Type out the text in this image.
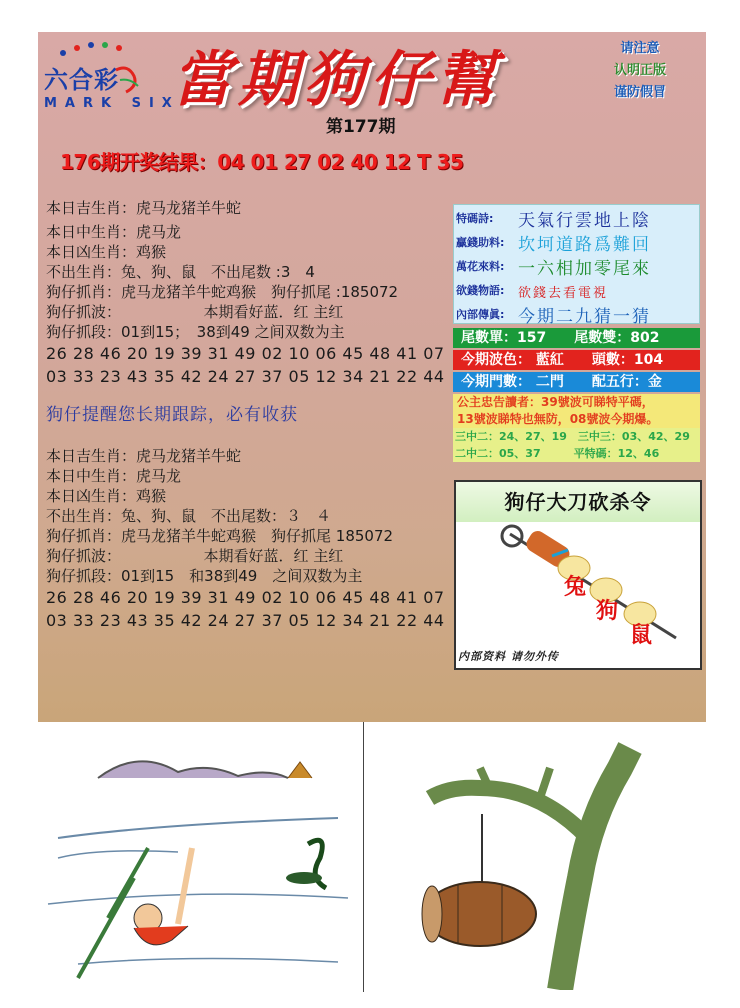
六合彩
MARK SIX
當期狗仔幫	请注意
认明正版
谨防假冒
第177期
176期开奖结果：04 01 27 02 40 12 T 35
本日吉生肖：虎马龙猪羊牛蛇
本日中生肖：虎马龙
本日凶生肖：鸡猴
不出生肖：兔、狗、鼠　不出尾数 :3　4
狗仔抓肖：虎马龙猪羊牛蛇鸡猴　狗仔抓尾 :185072
狗仔抓波：　　　　　　本期看好蓝．红 主红
狗仔抓段：01到15；　38到49 之间双数为主
26 28 46 20 19 39 31 49 02 10 06 45 48 41 07
03 33 23 43 35 42 24 27 37 05 12 34 21 22 44
狗仔提醒您长期跟踪，必有收获
本日吉生肖：虎马龙猪羊牛蛇
本日中生肖：虎马龙
本日凶生肖：鸡猴
不出生肖：兔、狗、鼠　不出尾数：３　４
狗仔抓肖：虎马龙猪羊牛蛇鸡猴　狗仔抓尾 185072
狗仔抓波：　　　　　　本期看好蓝．红 主红
狗仔抓段：01到15　和38到49　之间双数为主
26 28 46 20 19 39 31 49 02 10 06 45 48 41 07
03 33 23 43 35 42 24 27 37 05 12 34 21 22 44
特碼詩: 天氣行雲地上陰
贏錢助料: 坎坷道路爲難回
萬花來料: 一六相加零尾來
欲錢物語: 欲錢去看電視
內部傳眞: 今期二九猜一猜
尾數單：157　　尾數雙：802
今期波色： 藍紅　　頭數：104
今期門數： 二門　　配五行：金
公主忠告讀者：39號波可睇特平碼，
13號波睇特也無防，08號波今期爆。
三中二：24、27、19　三中三：03、42、29
二中二：05、37　　　平特碼：12、46
狗仔大刀砍杀令
兔
狗
鼠
内部资料 请勿外传
